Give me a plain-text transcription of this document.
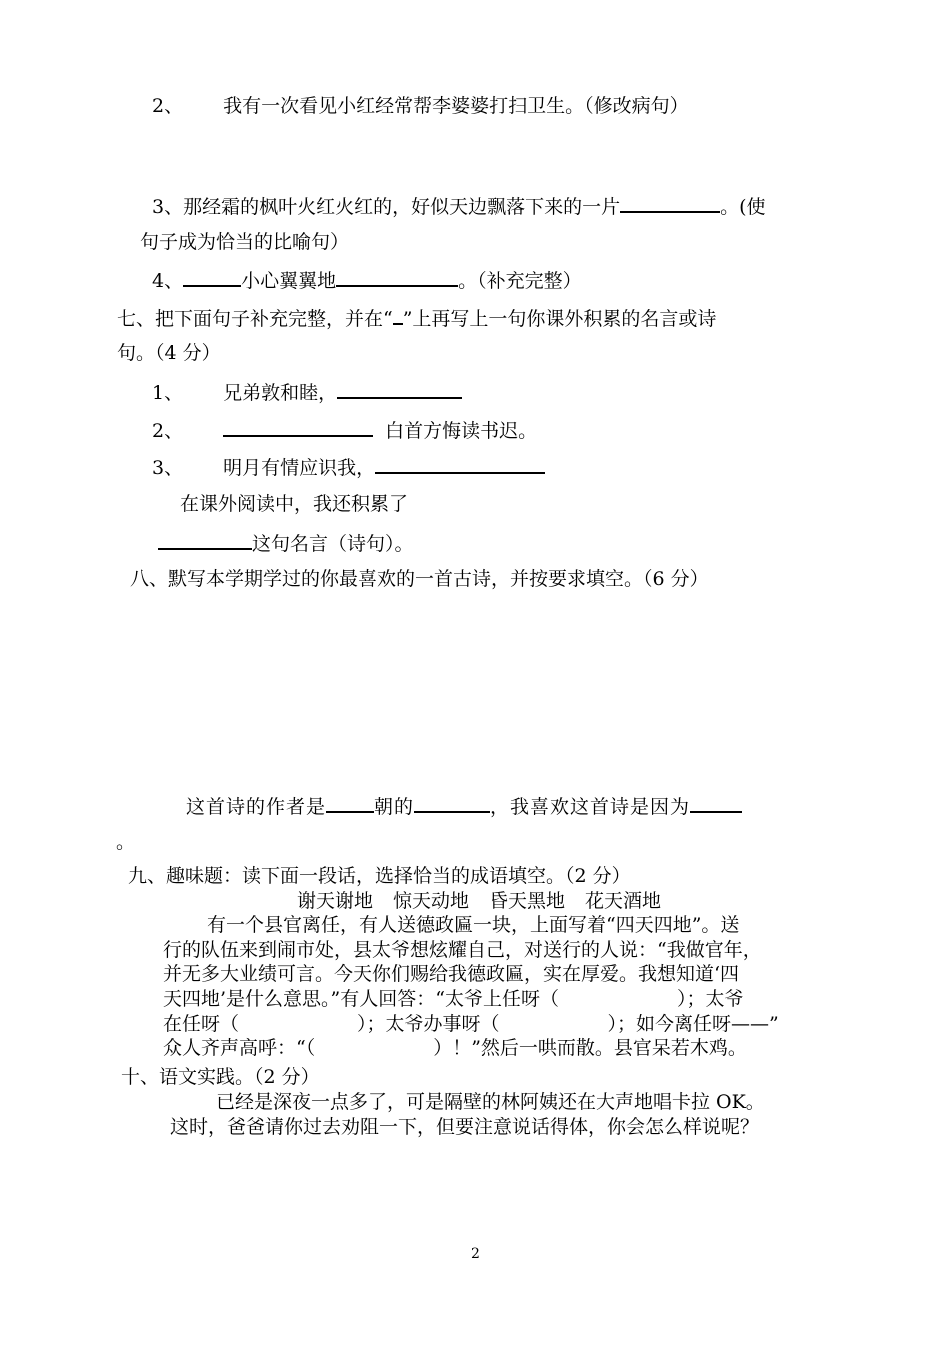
2、 我有一次看见小红经常帮李婆婆打扫卫生。（修改病句）
3、那经霜的枫叶火红火红的，好似天边飘落下来的一片	。(使
句子成为恰当的比喻句）
4、	小心翼翼地	。（补充完整）
七、把下面句子补充完整，并在“ ”上再写上一句你课外积累的名言或诗
句。（4 分）
1、 兄弟敦和睦，
2、	白首方悔读书迟。
3、 明月有情应识我，
在课外阅读中，我还积累了
这句名言（诗句）。
八、默写本学期学过的你最喜欢的一首古诗，并按要求填空。（6 分）
这首诗的作者是	朝的	，我喜欢这首诗是因为
。
九、趣味题：读下面一段话，选择恰当的成语填空。（2 分）
谢天谢地 惊天动地 昏天黑地 花天酒地
有一个县官离任，有人送德政匾一块，上面写着“四天四地”。送
行的队伍来到闹市处，县太爷想炫耀自己，对送行的人说：“我做官年，
并无多大业绩可言。今天你们赐给我德政匾，实在厚爱。我想知道‘四
天四地’是什么意思。”有人回答：“太爷上任呀（	）；太爷
在任呀（	）；太爷办事呀（	）；如今离任呀——”
众人齐声高呼：“（	）！”然后一哄而散。县官呆若木鸡。
十、语文实践。（2 分）
已经是深夜一点多了，可是隔壁的林阿姨还在大声地唱卡拉 OK。
这时，爸爸请你过去劝阻一下，但要注意说话得体，你会怎么样说呢？
2
